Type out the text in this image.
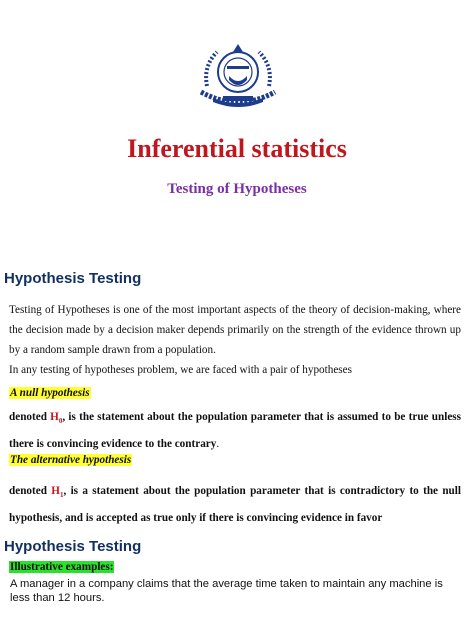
Inferential statistics
Testing of Hypotheses
Hypothesis Testing

Testing of Hypotheses is one of the most important aspects of the theory of decision-making, where the decision made by a decision maker depends primarily on the strength of the evidence thrown up by a random sample drawn from a population.

In any testing of hypotheses problem, we are faced with a pair of hypotheses

A null hypothesis
denoted $H_0$, is the statement about the population parameter that is assumed to be true unless there is convincing evidence to the contrary.
The alternative hypothesis
denoted $H_1$, is a statement about the population parameter that is contradictory to the null hypothesis, and is accepted as true only if there is convincing evidence in favor
Hypothesis Testing
Illustrative examples:
A manager in a company claims that the average time taken to maintain any machine is less than 12 hours.
